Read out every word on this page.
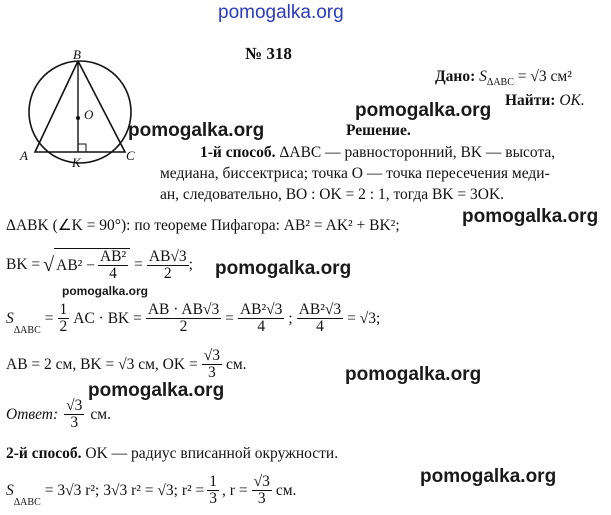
pomogalka.org
№ 318
B
O
A	K	C
Дано: $S_{\Delta ABC} = √3$ см²
Найти: OK.
pomogalka.org
pomogalka.org	Решение.
1-й способ. ΔABC — равносторонний, BK — высота,
медиана, биссектриса; точка O — точка пересечения меди-
ан, следовательно, BO : OK = 2 : 1, тогда BK = 3OK.
pomogalka.org
ΔABK (∠K = 90°): по теореме Пифагора: AB² = AK² + BK²;
BK = √ $AB^2 - \frac{\text{AB²}}{4} = \frac{AB√3}{2}$ ; pomogalka.org
pomogalka.org
S
$_{\Delta ABC}$
= $\frac{1}{2}$ AC · BK = $\frac{AB \cdot AB√3}{2} = \frac{\text{AB²√3}}{4}$ ; $\frac{\text{AB²√3}}{4} = √3$;
AB = 2 см, BK = √3 см, OK = $\frac{√3}{3}$ см.	pomogalka.org
pomogalka.org
Ответ: $\frac{√3}{3}$ см.
2-й способ. OK — радиус вписанной окружности.
pomogalka.org
S
$_{\Delta ABC}$
= 3√3 r²; 3√3 r² = √3; $r^2 = \frac{1}{3}$ , $r = \frac{√3}{3}$ см.
